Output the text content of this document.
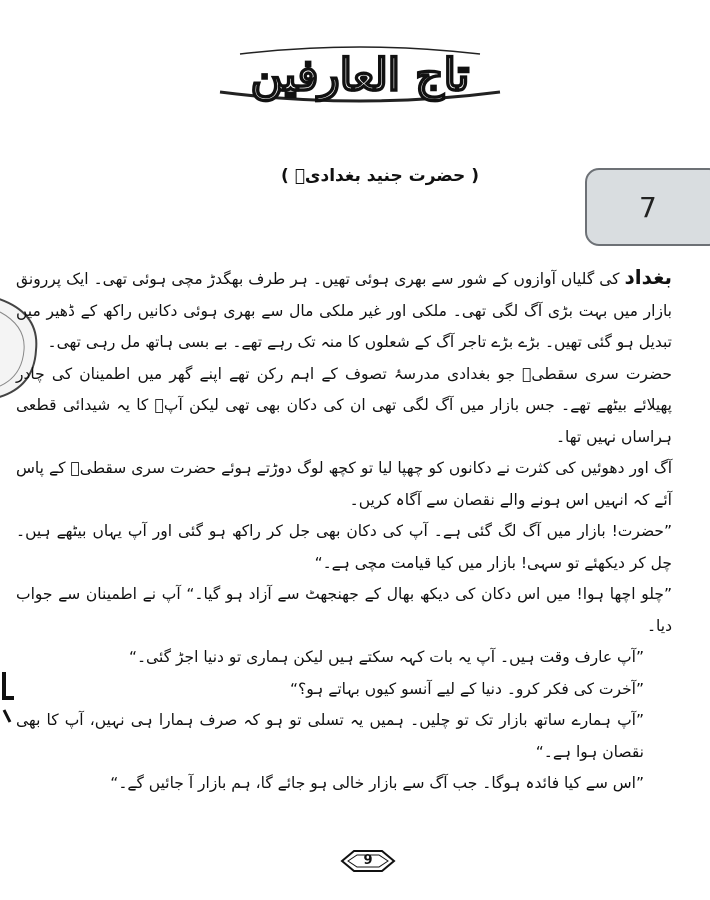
تاج العارفین
( حضرت جنید بغدادیؒ )
7

بغداد کی گلیاں آوازوں کے شور سے بھری ہوئی تھیں۔ ہر طرف بھگدڑ مچی ہوئی تھی۔ ایک پررونق بازار میں بہت بڑی آگ لگی تھی۔ ملکی اور غیر ملکی مال سے بھری ہوئی دکانیں راکھ کے ڈھیر میں تبدیل ہو گئی تھیں۔ بڑے بڑے تاجر آگ کے شعلوں کا منہ تک رہے تھے۔ بے بسی ہاتھ مل رہی تھی۔

حضرت سری سقطیؒ جو بغدادی مدرسۂ تصوف کے اہم رکن تھے اپنے گھر میں اطمینان کی چادر پھیلائے بیٹھے تھے۔ جس بازار میں آگ لگی تھی ان کی دکان بھی تھی لیکن آپؒ کا یہ شیدائی قطعی ہراساں نہیں تھا۔

آگ اور دھوئیں کی کثرت نے دکانوں کو چھپا لیا تو کچھ لوگ دوڑتے ہوئے حضرت سری سقطیؒ کے پاس آئے کہ انہیں اس ہونے والے نقصان سے آگاہ کریں۔

”حضرت! بازار میں آگ لگ گئی ہے۔ آپ کی دکان بھی جل کر راکھ ہو گئی اور آپ یہاں بیٹھے ہیں۔ چل کر دیکھئے تو سہی! بازار میں کیا قیامت مچی ہے۔“

”چلو اچھا ہوا! میں اس دکان کی دیکھ بھال کے جھنجھٹ سے آزاد ہو گیا۔“ آپ نے اطمینان سے جواب دیا۔

”آپ عارف وقت ہیں۔ آپ یہ بات کہہ سکتے ہیں لیکن ہماری تو دنیا اجڑ گئی۔“

”آخرت کی فکر کرو۔ دنیا کے لیے آنسو کیوں بہاتے ہو؟“

”آپ ہمارے ساتھ بازار تک تو چلیں۔ ہمیں یہ تسلی تو ہو کہ صرف ہمارا ہی نہیں، آپ کا بھی نقصان ہوا ہے۔“

”اس سے کیا فائدہ ہوگا۔ جب آگ سے بازار خالی ہو جائے گا، ہم بازار آ جائیں گے۔“

9
